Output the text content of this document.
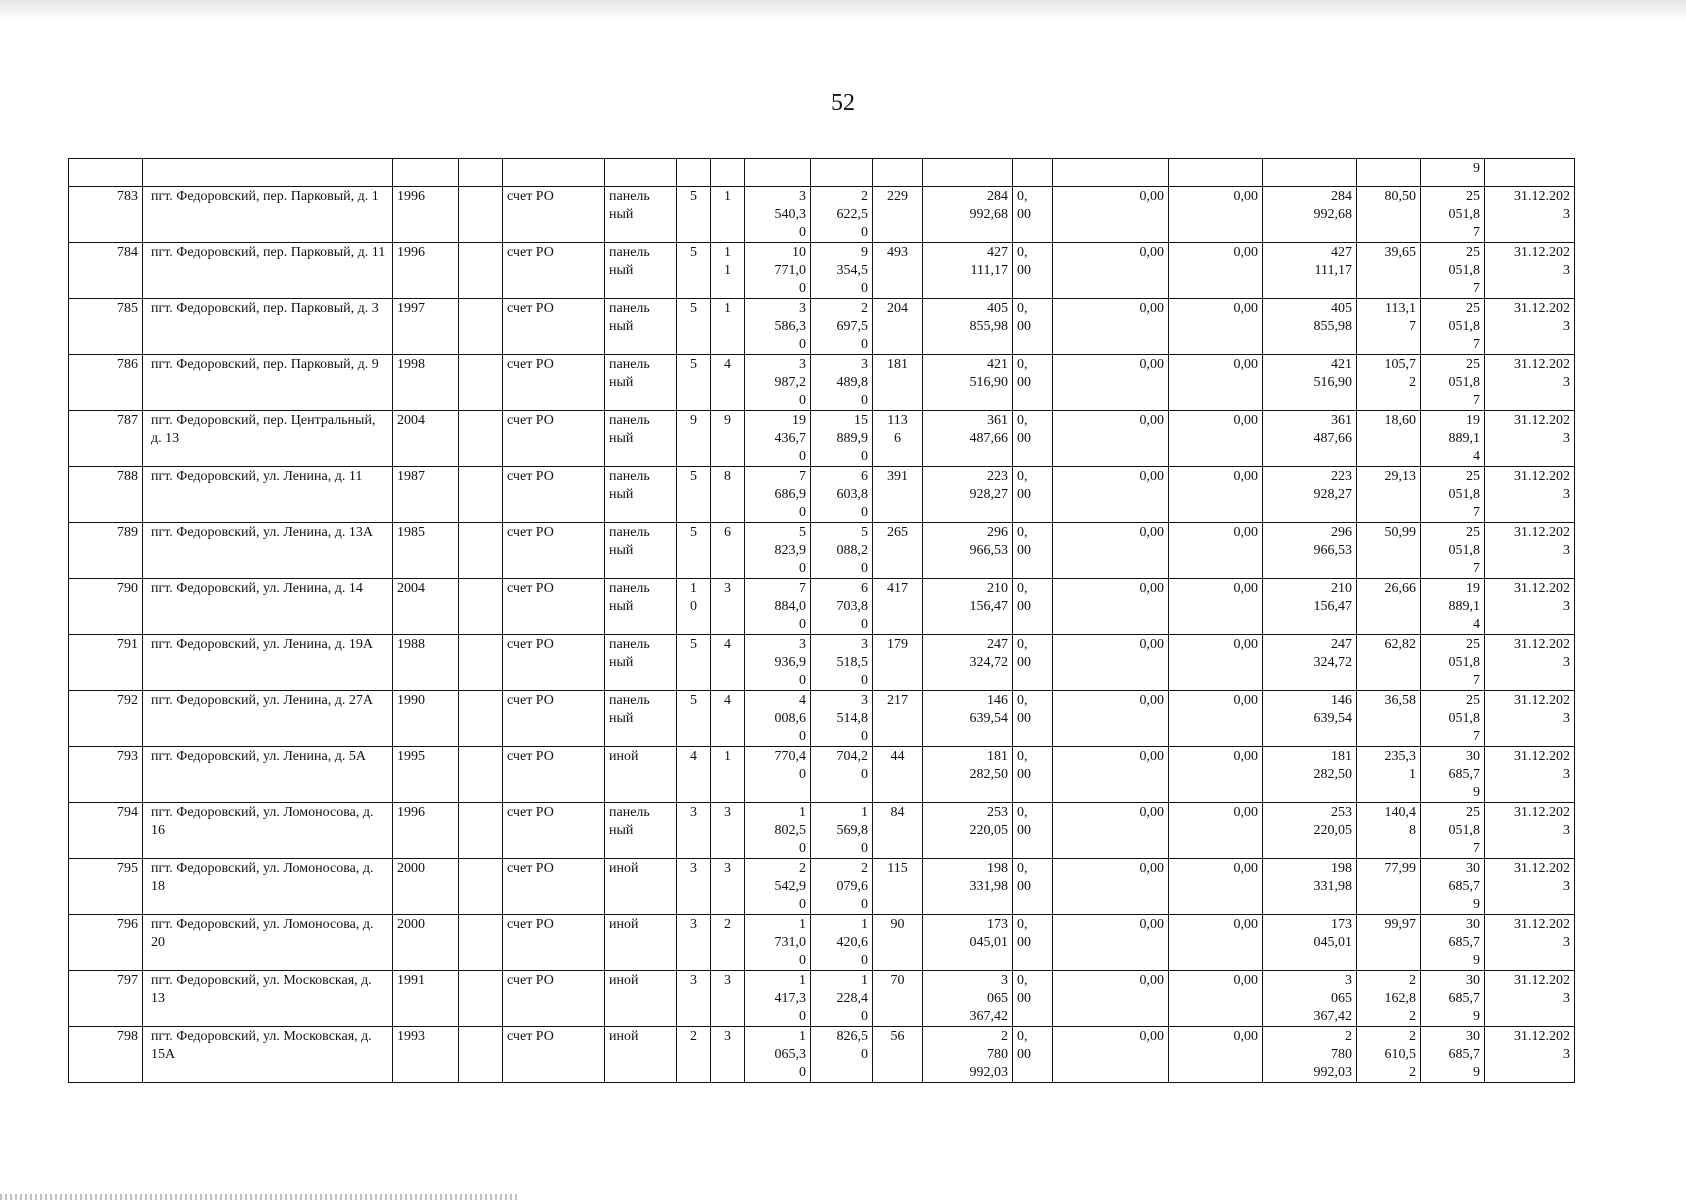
52
																	9	
783	пгт. Федоровский, пер. Парковый, д. 1	1996		счет РО	панель
ный	5	1	3
540,3
0	2
622,5
0	229	284
992,68	0,
00	0,00	0,00	284
992,68	80,50	25
051,8
7	31.12.202
3

784	пгт. Федоровский, пер. Парковый, д. 11	1996		счет РО	панель
ный	5	1
1	10
771,0
0	9
354,5
0	493	427
111,17	0,
00	0,00	0,00	427
111,17	39,65	25
051,8
7	31.12.202
3

785	пгт. Федоровский, пер. Парковый, д. 3	1997		счет РО	панель
ный	5	1	3
586,3
0	2
697,5
0	204	405
855,98	0,
00	0,00	0,00	405
855,98	113,1
7	25
051,8
7	31.12.202
3

786	пгт. Федоровский, пер. Парковый, д. 9	1998		счет РО	панель
ный	5	4	3
987,2
0	3
489,8
0	181	421
516,90	0,
00	0,00	0,00	421
516,90	105,7
2	25
051,8
7	31.12.202
3

787	пгт. Федоровский, пер. Центральный, д. 13	2004		счет РО	панель
ный	9	9	19
436,7
0	15
889,9
0	113
6	361
487,66	0,
00	0,00	0,00	361
487,66	18,60	19
889,1
4	31.12.202
3

788	пгт. Федоровский, ул. Ленина, д. 11	1987		счет РО	панель
ный	5	8	7
686,9
0	6
603,8
0	391	223
928,27	0,
00	0,00	0,00	223
928,27	29,13	25
051,8
7	31.12.202
3

789	пгт. Федоровский, ул. Ленина, д. 13А	1985		счет РО	панель
ный	5	6	5
823,9
0	5
088,2
0	265	296
966,53	0,
00	0,00	0,00	296
966,53	50,99	25
051,8
7	31.12.202
3

790	пгт. Федоровский, ул. Ленина, д. 14	2004		счет РО	панель
ный	1
0	3	7
884,0
0	6
703,8
0	417	210
156,47	0,
00	0,00	0,00	210
156,47	26,66	19
889,1
4	31.12.202
3

791	пгт. Федоровский, ул. Ленина, д. 19А	1988		счет РО	панель
ный	5	4	3
936,9
0	3
518,5
0	179	247
324,72	0,
00	0,00	0,00	247
324,72	62,82	25
051,8
7	31.12.202
3

792	пгт. Федоровский, ул. Ленина, д. 27А	1990		счет РО	панель
ный	5	4	4
008,6
0	3
514,8
0	217	146
639,54	0,
00	0,00	0,00	146
639,54	36,58	25
051,8
7	31.12.202
3

793	пгт. Федоровский, ул. Ленина, д. 5А	1995		счет РО	иной	4	1	770,4
0	704,2
0	44	181
282,50	0,
00	0,00	0,00	181
282,50	235,3
1	30
685,7
9	31.12.202
3

794	пгт. Федоровский, ул. Ломоносова, д. 16	1996		счет РО	панель
ный	3	3	1
802,5
0	1
569,8
0	84	253
220,05	0,
00	0,00	0,00	253
220,05	140,4
8	25
051,8
7	31.12.202
3

795	пгт. Федоровский, ул. Ломоносова, д. 18	2000		счет РО	иной	3	3	2
542,9
0	2
079,6
0	115	198
331,98	0,
00	0,00	0,00	198
331,98	77,99	30
685,7
9	31.12.202
3

796	пгт. Федоровский, ул. Ломоносова, д. 20	2000		счет РО	иной	3	2	1
731,0
0	1
420,6
0	90	173
045,01	0,
00	0,00	0,00	173
045,01	99,97	30
685,7
9	31.12.202
3

797	пгт. Федоровский, ул. Московская, д. 13	1991		счет РО	иной	3	3	1
417,3
0	1
228,4
0	70	3
065
367,42	0,
00	0,00	0,00	3
065
367,42	2
162,8
2	30
685,7
9	31.12.202
3

798	пгт. Федоровский, ул. Московская, д. 15А	1993		счет РО	иной	2	3	1
065,3
0	826,5
0	56	2
780
992,03	0,
00	0,00	0,00	2
780
992,03	2
610,5
2	30
685,7
9	31.12.202
3
